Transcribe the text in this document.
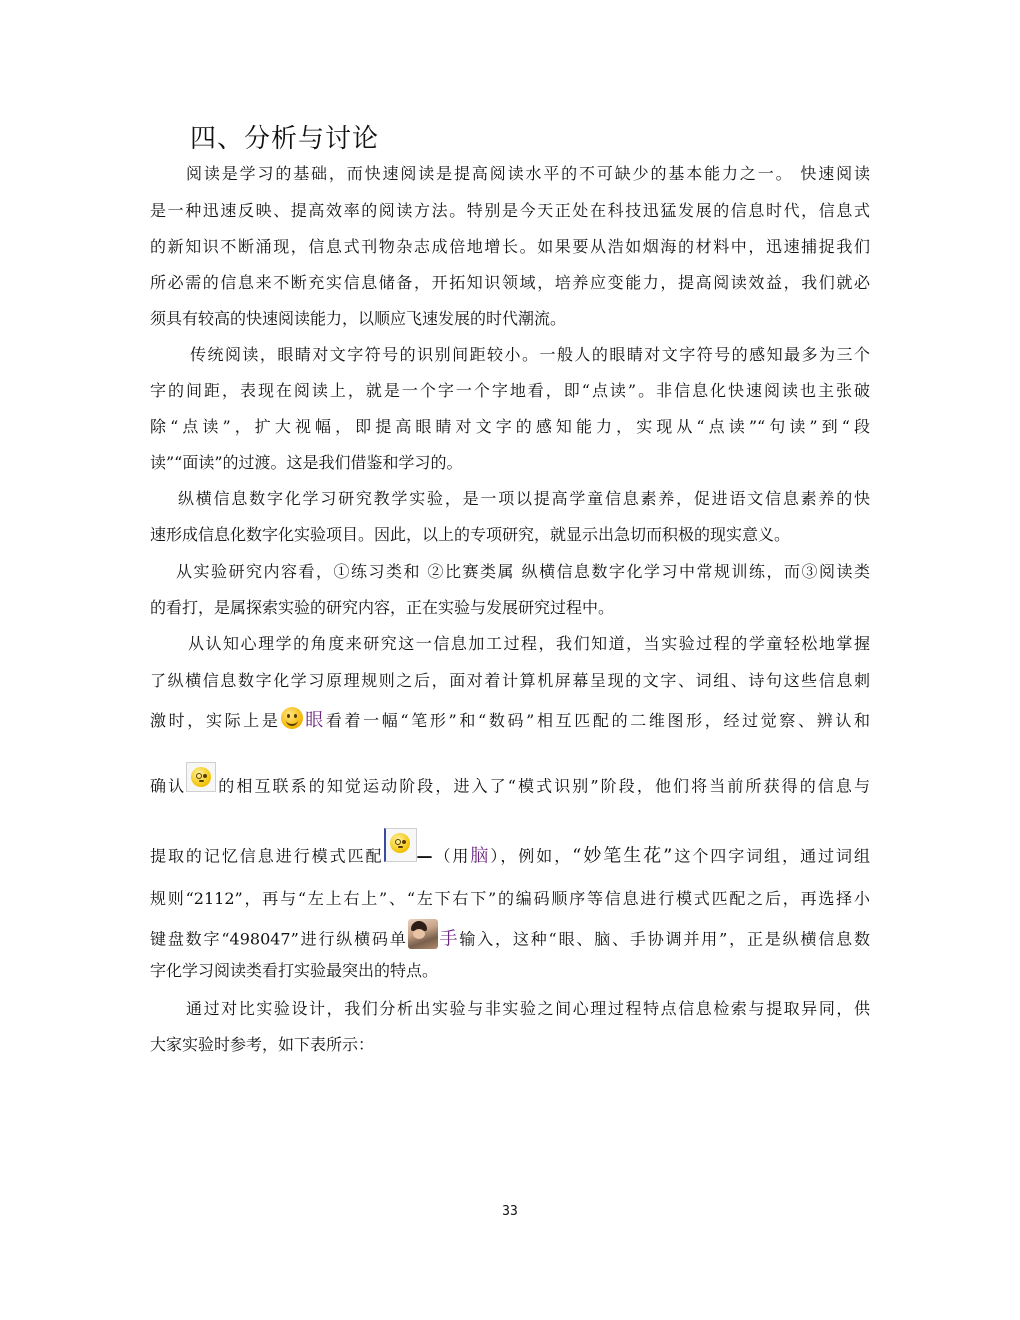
四、分析与讨论
阅读是学习的基础，而快速阅读是提高阅读水平的不可缺少的基本能力之一。 快速阅读
是一种迅速反映、提高效率的阅读方法。特别是今天正处在科技迅猛发展的信息时代，信息式
的新知识不断涌现，信息式刊物杂志成倍地增长。如果要从浩如烟海的材料中，迅速捕捉我们
所必需的信息来不断充实信息储备，开拓知识领域，培养应变能力，提高阅读效益，我们就必
须具有较高的快速阅读能力，以顺应飞速发展的时代潮流。
传统阅读，眼睛对文字符号的识别间距较小。一般人的眼睛对文字符号的感知最多为三个
字的间距，表现在阅读上，就是一个字一个字地看，即“点读”。非信息化快速阅读也主张破
除“点读”，扩大视幅，即提高眼睛对文字的感知能力，实现从“点读”“句读”到“段
读”“面读”的过渡。这是我们借鉴和学习的。
纵横信息数字化学习研究教学实验，是一项以提高学童信息素养，促进语文信息素养的快
速形成信息化数字化实验项目。因此，以上的专项研究，就显示出急切而积极的现实意义。
从实验研究内容看，①练习类和 ②比赛类属 纵横信息数字化学习中常规训练，而③阅读类
的看打，是属探索实验的研究内容，正在实验与发展研究过程中。
从认知心理学的角度来研究这一信息加工过程，我们知道，当实验过程的学童轻松地掌握
了纵横信息数字化学习原理规则之后，面对着计算机屏幕呈现的文字、词组、诗句这些信息刺
激时，实际上是 眼看着一幅“笔形”和“数码”相互匹配的二维图形，经过觉察、辨认和
确认 的相互联系的知觉运动阶段，进入了“模式识别”阶段，他们将当前所获得的信息与
提取的记忆信息进行模式匹配 —（用脑），例如，“妙笔生花”这个四字词组，通过词组
规则“2112”，再与“左上右上”、“左下右下”的编码顺序等信息进行模式匹配之后，再选择小
键盘数字“498047”进行纵横码单 手输入，这种“眼、脑、手协调并用”，正是纵横信息数
字化学习阅读类看打实验最突出的特点。
通过对比实验设计，我们分析出实验与非实验之间心理过程特点信息检索与提取异同，供
大家实验时参考，如下表所示：
33
